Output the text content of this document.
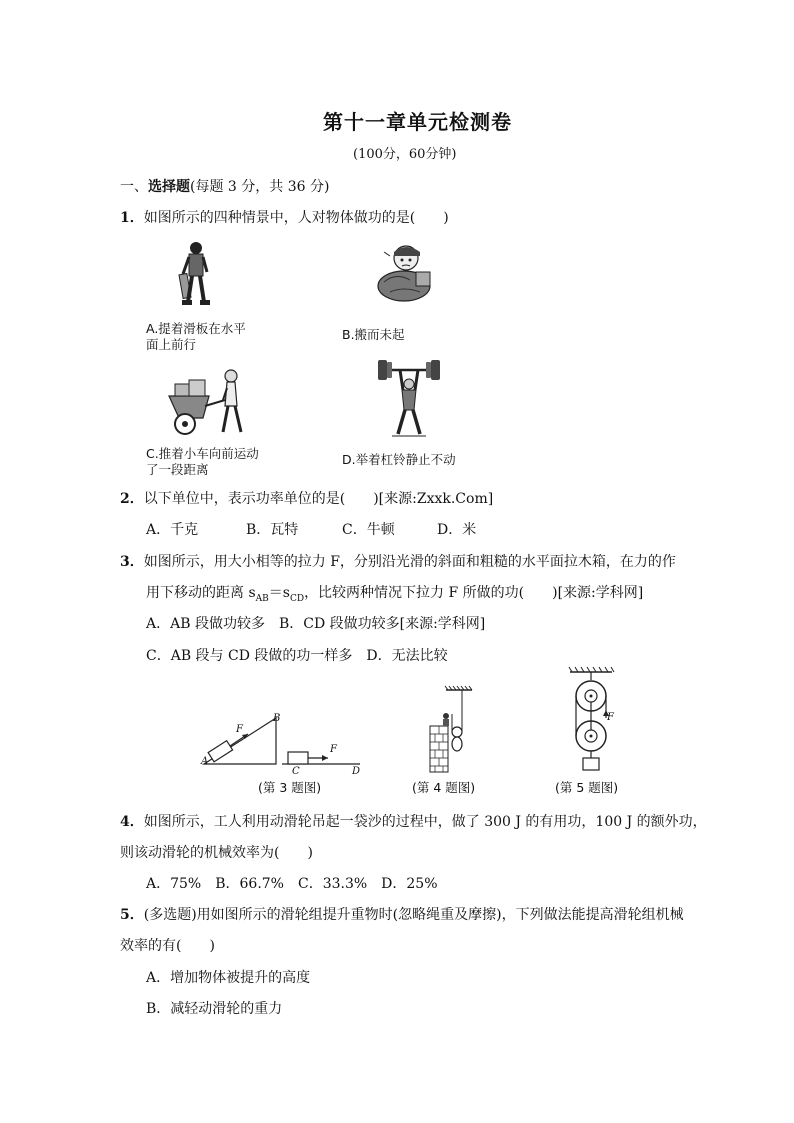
第十一章单元检测卷
(100分，60分钟)
一、选择题(每题 3 分，共 36 分)
1．如图所示的四种情景中，人对物体做功的是(　　)
A.提着滑板在水平
面上前行
B.搬而未起
C.推着小车向前运动
了一段距离
D.举着杠铃静止不动
2．以下单位中，表示功率单位的是(　　)[来源:Zxxk.Com]
A．千克	B．瓦特	C．牛顿	D．米
3．如图所示，用大小相等的拉力 F，分别沿光滑的斜面和粗糙的水平面拉木箱，在力的作
用下移动的距离 $s_{AB}=s_{CD}$，比较两种情况下拉力 F 所做的功(　　)[来源:学科网]
A．AB 段做功较多　B．CD 段做功较多[来源:学科网]
C．AB 段与 CD 段做的功一样多　D．无法比较
A
B
F
C	D
F
(第 3 题图)	(第 4 题图)
F
(第 5 题图)
4．如图所示，工人利用动滑轮吊起一袋沙的过程中，做了 300 J 的有用功，100 J 的额外功，
则该动滑轮的机械效率为(　　)
A．75%　B．66.7%　C．33.3%　D．25%
5．(多选题)用如图所示的滑轮组提升重物时(忽略绳重及摩擦)，下列做法能提高滑轮组机械
效率的有(　　)
A．增加物体被提升的高度
B．减轻动滑轮的重力
